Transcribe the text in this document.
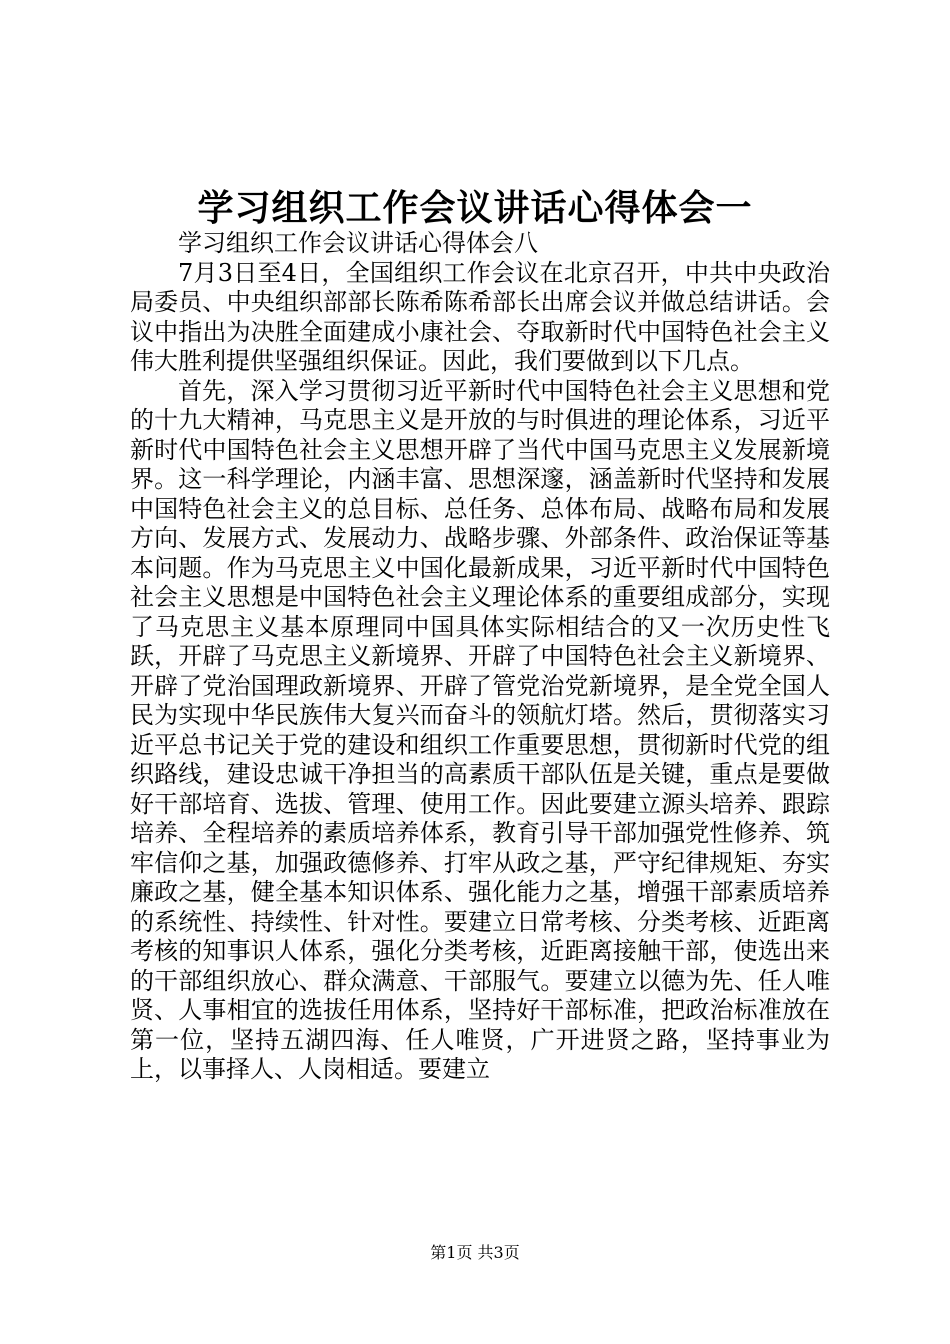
学习组织工作会议讲话心得体会一

学习组织工作会议讲话心得体会八

7月3日至4日，全国组织工作会议在北京召开，中共中央政治局委员、中央组织部部长陈希陈希部长出席会议并做总结讲话。会议中指出为决胜全面建成小康社会、夺取新时代中国特色社会主义伟大胜利提供坚强组织保证。因此，我们要做到以下几点。

首先，深入学习贯彻习近平新时代中国特色社会主义思想和党的十九大精神，马克思主义是开放的与时俱进的理论体系，习近平新时代中国特色社会主义思想开辟了当代中国马克思主义发展新境界。这一科学理论，内涵丰富、思想深邃，涵盖新时代坚持和发展中国特色社会主义的总目标、总任务、总体布局、战略布局和发展方向、发展方式、发展动力、战略步骤、外部条件、政治保证等基本问题。作为马克思主义中国化最新成果，习近平新时代中国特色社会主义思想是中国特色社会主义理论体系的重要组成部分，实现了马克思主义基本原理同中国具体实际相结合的又一次历史性飞跃，开辟了马克思主义新境界、开辟了中国特色社会主义新境界、开辟了党治国理政新境界、开辟了管党治党新境界，是全党全国人民为实现中华民族伟大复兴而奋斗的领航灯塔。然后，贯彻落实习近平总书记关于党的建设和组织工作重要思想，贯彻新时代党的组织路线，建设忠诚干净担当的高素质干部队伍是关键，重点是要做好干部培育、选拔、管理、使用工作。因此要建立源头培养、跟踪培养、全程培养的素质培养体系，教育引导干部加强党性修养、筑牢信仰之基，加强政德修养、打牢从政之基，严守纪律规矩、夯实廉政之基，健全基本知识体系、强化能力之基，增强干部素质培养的系统性、持续性、针对性。要建立日常考核、分类考核、近距离考核的知事识人体系，强化分类考核，近距离接触干部，使选出来的干部组织放心、群众满意、干部服气。要建立以德为先、任人唯贤、人事相宜的选拔任用体系，坚持好干部标准，把政治标准放在第一位，坚持五湖四海、任人唯贤，广开进贤之路，坚持事业为上，以事择人、人岗相适。要建立

第1页 共3页
